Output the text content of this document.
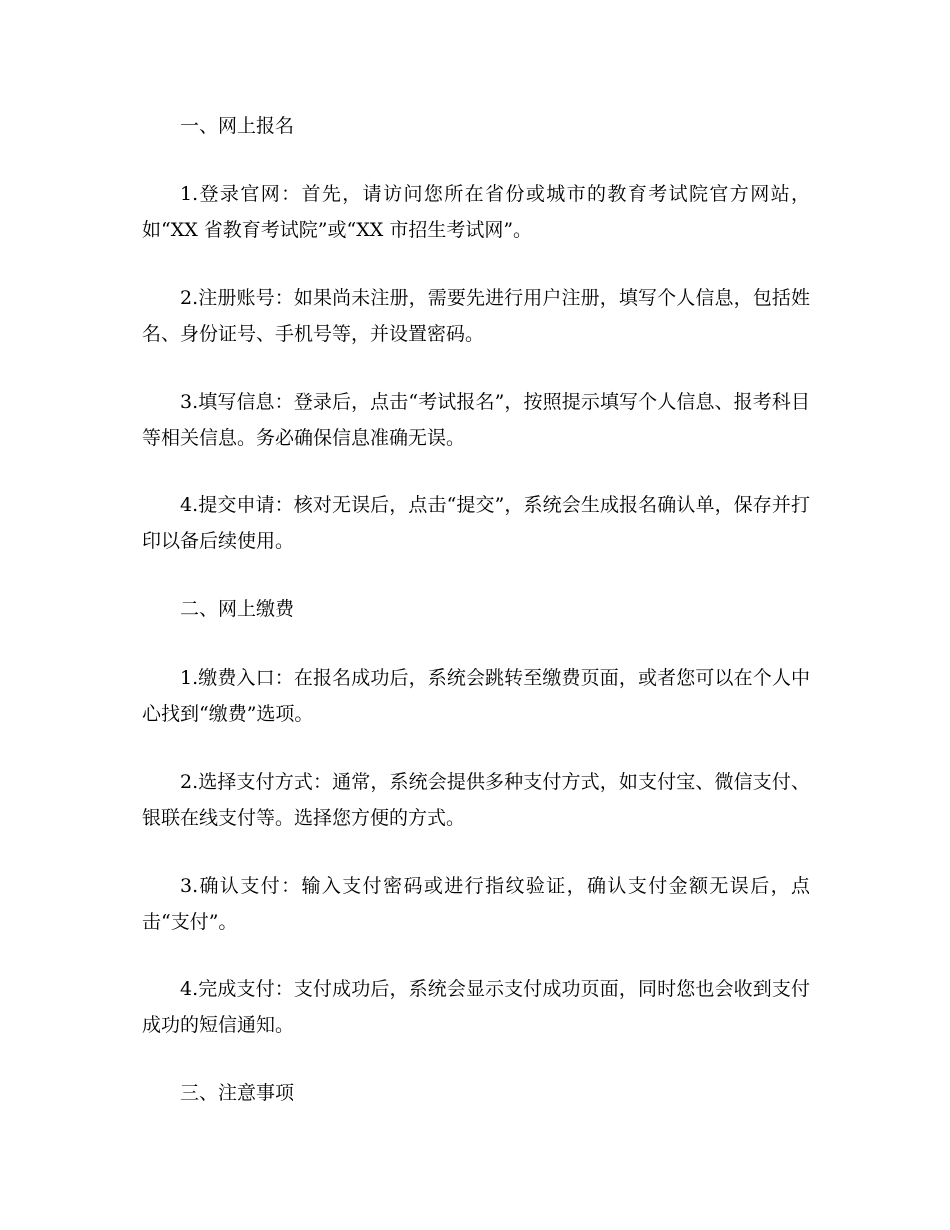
一、网上报名
1.登录官网：首先，请访问您所在省份或城市的教育考试院官方网站，如“XX 省教育考试院”或“XX 市招生考试网”。
2.注册账号：如果尚未注册，需要先进行用户注册，填写个人信息，包括姓名、身份证号、手机号等，并设置密码。
3.填写信息：登录后，点击“考试报名”，按照提示填写个人信息、报考科目等相关信息。务必确保信息准确无误。
4.提交申请：核对无误后，点击“提交”，系统会生成报名确认单，保存并打印以备后续使用。
二、网上缴费
1.缴费入口：在报名成功后，系统会跳转至缴费页面，或者您可以在个人中心找到“缴费”选项。
2.选择支付方式：通常，系统会提供多种支付方式，如支付宝、微信支付、银联在线支付等。选择您方便的方式。
3.确认支付：输入支付密码或进行指纹验证，确认支付金额无误后，点击“支付”。
4.完成支付：支付成功后，系统会显示支付成功页面，同时您也会收到支付成功的短信通知。
三、注意事项
